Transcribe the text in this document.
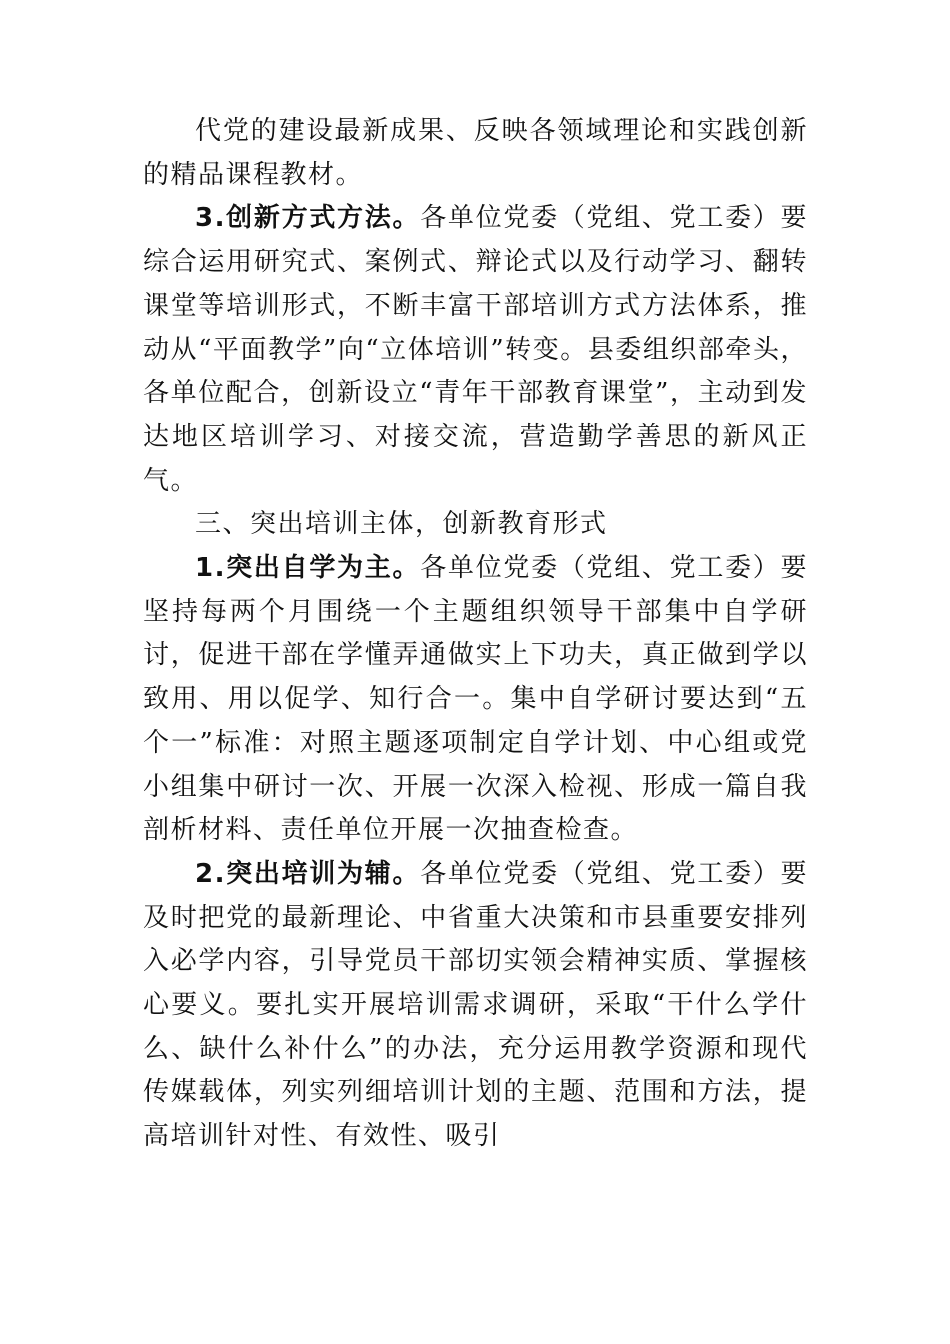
代党的建设最新成果、反映各领域理论和实践创新的精品课程教材。

3.创新方式方法。各单位党委（党组、党工委）要综合运用研究式、案例式、辩论式以及行动学习、翻转课堂等培训形式，不断丰富干部培训方式方法体系，推动从“平面教学”向“立体培训”转变。县委组织部牵头，各单位配合，创新设立“青年干部教育课堂”，主动到发达地区培训学习、对接交流，营造勤学善思的新风正气。

三、突出培训主体，创新教育形式

1.突出自学为主。各单位党委（党组、党工委）要坚持每两个月围绕一个主题组织领导干部集中自学研讨，促进干部在学懂弄通做实上下功夫，真正做到学以致用、用以促学、知行合一。集中自学研讨要达到“五个一”标准：对照主题逐项制定自学计划、中心组或党小组集中研讨一次、开展一次深入检视、形成一篇自我剖析材料、责任单位开展一次抽查检查。

2.突出培训为辅。各单位党委（党组、党工委）要及时把党的最新理论、中省重大决策和市县重要安排列入必学内容，引导党员干部切实领会精神实质、掌握核心要义。要扎实开展培训需求调研，采取“干什么学什么、缺什么补什么”的办法，充分运用教学资源和现代传媒载体，列实列细培训计划的主题、范围和方法，提高培训针对性、有效性、吸引
